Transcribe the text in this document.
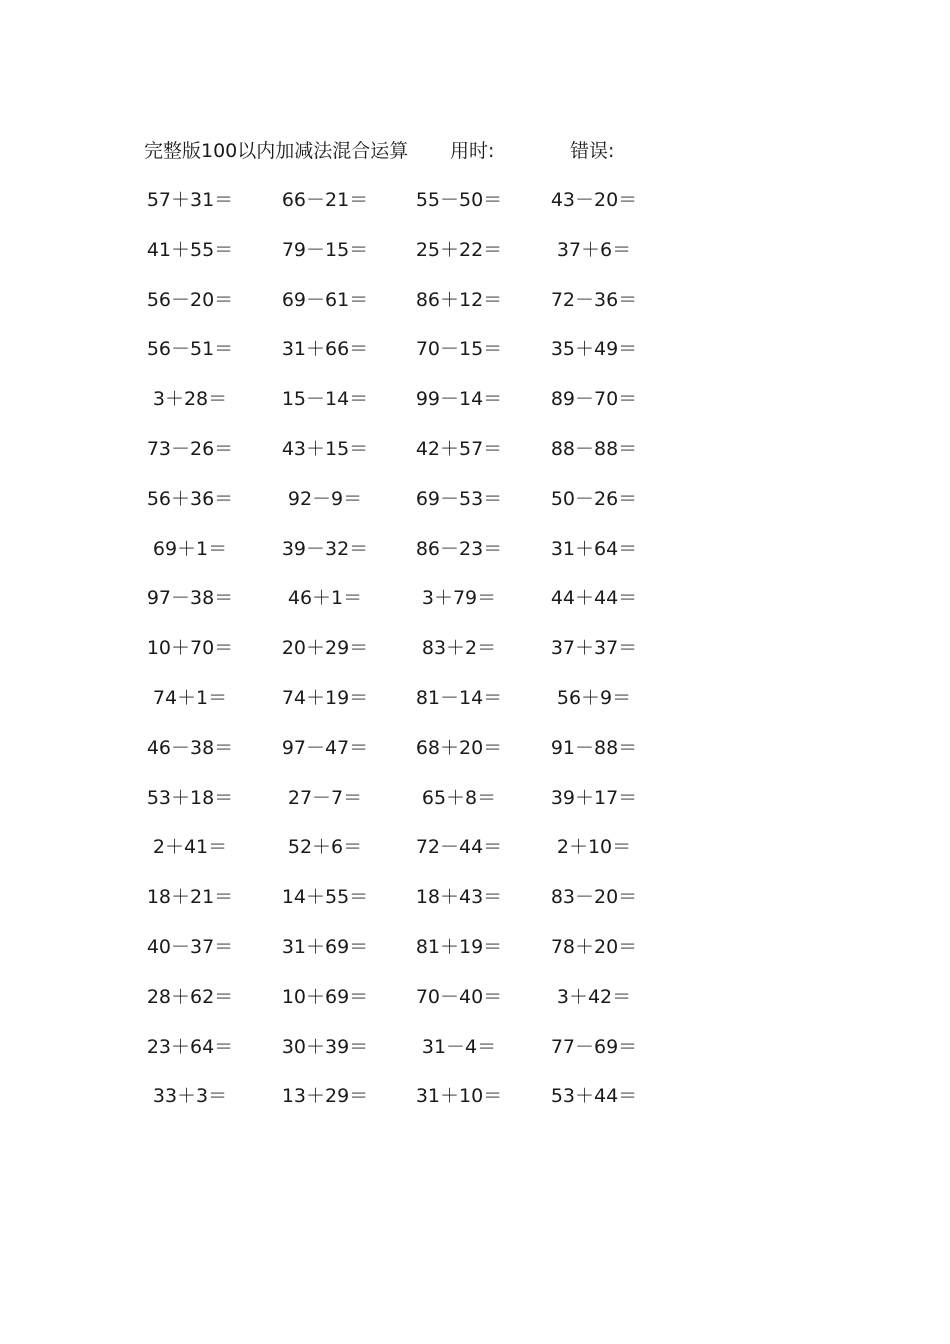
完整版100以内加减法混合运算 用时:	错误:
57＋31＝	66－21＝	55－50＝	43－20＝
41＋55＝	79－15＝	25＋22＝	37＋6＝
56－20＝	69－61＝	86＋12＝	72－36＝
56－51＝	31＋66＝	70－15＝	35＋49＝
3＋28＝	15－14＝	99－14＝	89－70＝
73－26＝	43＋15＝	42＋57＝	88－88＝
56＋36＝	92－9＝	69－53＝	50－26＝
69＋1＝	39－32＝	86－23＝	31＋64＝
97－38＝	46＋1＝	3＋79＝	44＋44＝
10＋70＝	20＋29＝	83＋2＝	37＋37＝
74＋1＝	74＋19＝	81－14＝	56＋9＝
46－38＝	97－47＝	68＋20＝	91－88＝
53＋18＝	27－7＝	65＋8＝	39＋17＝
2＋41＝	52＋6＝	72－44＝	2＋10＝
18＋21＝	14＋55＝	18＋43＝	83－20＝
40－37＝	31＋69＝	81＋19＝	78＋20＝
28＋62＝	10＋69＝	70－40＝	3＋42＝
23＋64＝	30＋39＝	31－4＝	77－69＝
33＋3＝	13＋29＝	31＋10＝	53＋44＝
